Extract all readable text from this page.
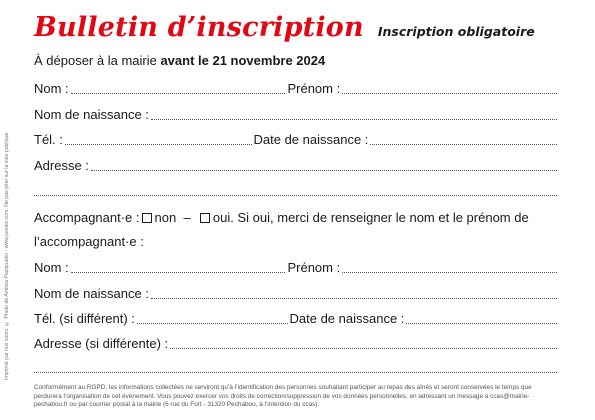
Imprimé par nos soins. © Photo de Andrea Piacquadio - www.pexels.com. Ne pas jeter sur la voie publique.
Bulletin d’inscription Inscription obligatoire
À déposer à la mairie avant le 21 novembre 2024
Nom :	Prénom :
Nom de naissance :
Tél. :	Date de naissance :
Adresse :
Accompagnant·e : non – oui. Si oui, merci de renseigner le nom et le prénom de l’accompagnant·e :
Nom :	Prénom :
Nom de naissance :
Tél. (si différent) :	Date de naissance :
Adresse (si différente) :

Conformément au RGPD, les informations collectées ne serviront qu’à l’identification des personnes souhaitant participer au repas des aînés et seront conservées le temps que perdurera l’organisation de cet évènement. Vous pouvez exercer vos droits de correction/suppression de vos données personnelles, en adressant un message à ccas@mairie-pechabou.fr ou par courrier postal à la mairie (6 rue du Fort - 31320 Pechabou, à l’intention du ccas).
